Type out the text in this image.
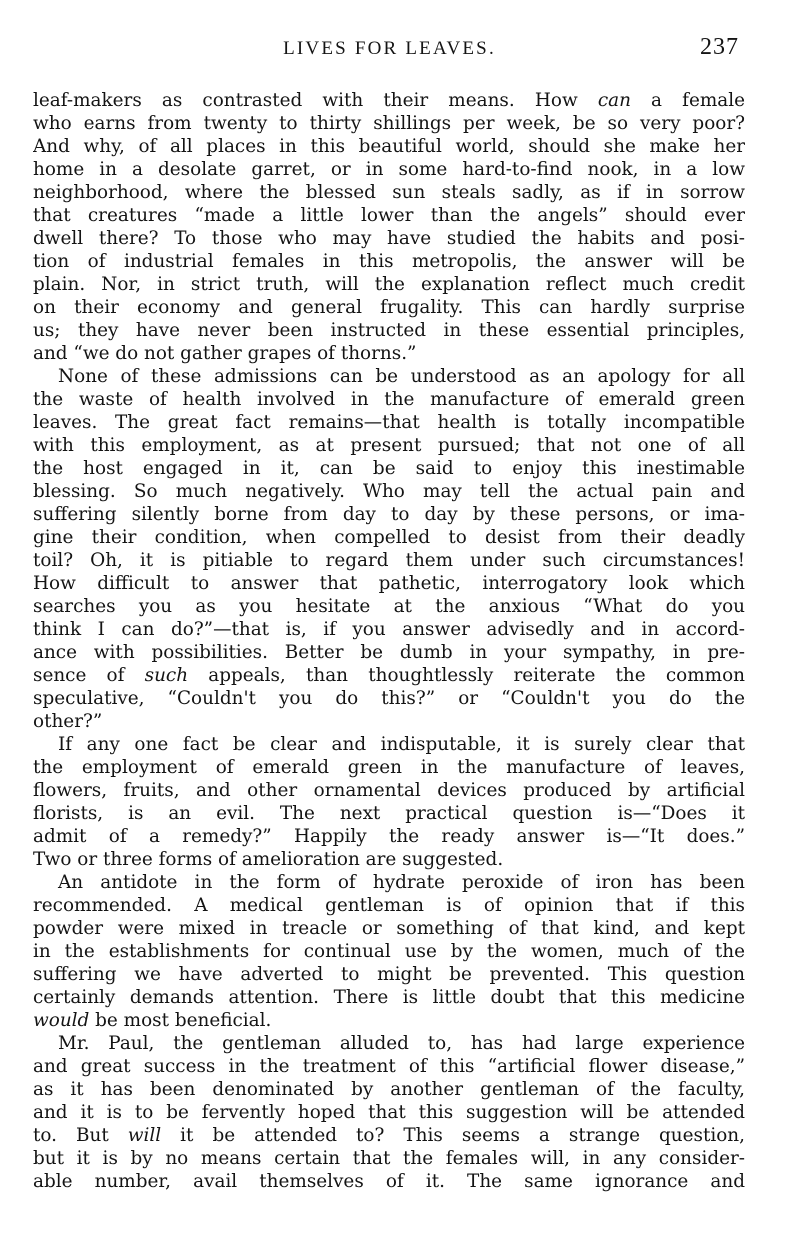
LIVES FOR LEAVES.	237
leaf-makers as contrasted with their means. How can a female
who earns from twenty to thirty shillings per week, be so very poor?
And why, of all places in this beautiful world, should she make her
home in a desolate garret, or in some hard-to-find nook, in a low
neighborhood, where the blessed sun steals sadly, as if in sorrow
that creatures “made a little lower than the angels” should ever
dwell there? To those who may have studied the habits and posi-
tion of industrial females in this metropolis, the answer will be
plain. Nor, in strict truth, will the explanation reflect much credit
on their economy and general frugality. This can hardly surprise
us; they have never been instructed in these essential principles,
and “we do not gather grapes of thorns.”
None of these admissions can be understood as an apology for all
the waste of health involved in the manufacture of emerald green
leaves. The great fact remains—that health is totally incompatible
with this employment, as at present pursued; that not one of all
the host engaged in it, can be said to enjoy this inestimable
blessing. So much negatively. Who may tell the actual pain and
suffering silently borne from day to day by these persons, or ima-
gine their condition, when compelled to desist from their deadly
toil? Oh, it is pitiable to regard them under such circumstances!
How difficult to answer that pathetic, interrogatory look which
searches you as you hesitate at the anxious “What do you
think I can do?”—that is, if you answer advisedly and in accord-
ance with possibilities. Better be dumb in your sympathy, in pre-
sence of such appeals, than thoughtlessly reiterate the common
speculative, “Couldn't you do this?” or “Couldn't you do the
other?”
If any one fact be clear and indisputable, it is surely clear that
the employment of emerald green in the manufacture of leaves,
flowers, fruits, and other ornamental devices produced by artificial
florists, is an evil. The next practical question is—“Does it
admit of a remedy?” Happily the ready answer is—“It does.”
Two or three forms of amelioration are suggested.
An antidote in the form of hydrate peroxide of iron has been
recommended. A medical gentleman is of opinion that if this
powder were mixed in treacle or something of that kind, and kept
in the establishments for continual use by the women, much of the
suffering we have adverted to might be prevented. This question
certainly demands attention. There is little doubt that this medicine
would be most beneficial.
Mr. Paul, the gentleman alluded to, has had large experience
and great success in the treatment of this “artificial flower disease,”
as it has been denominated by another gentleman of the faculty,
and it is to be fervently hoped that this suggestion will be attended
to. But will it be attended to? This seems a strange question,
but it is by no means certain that the females will, in any consider-
able number, avail themselves of it. The same ignorance and
